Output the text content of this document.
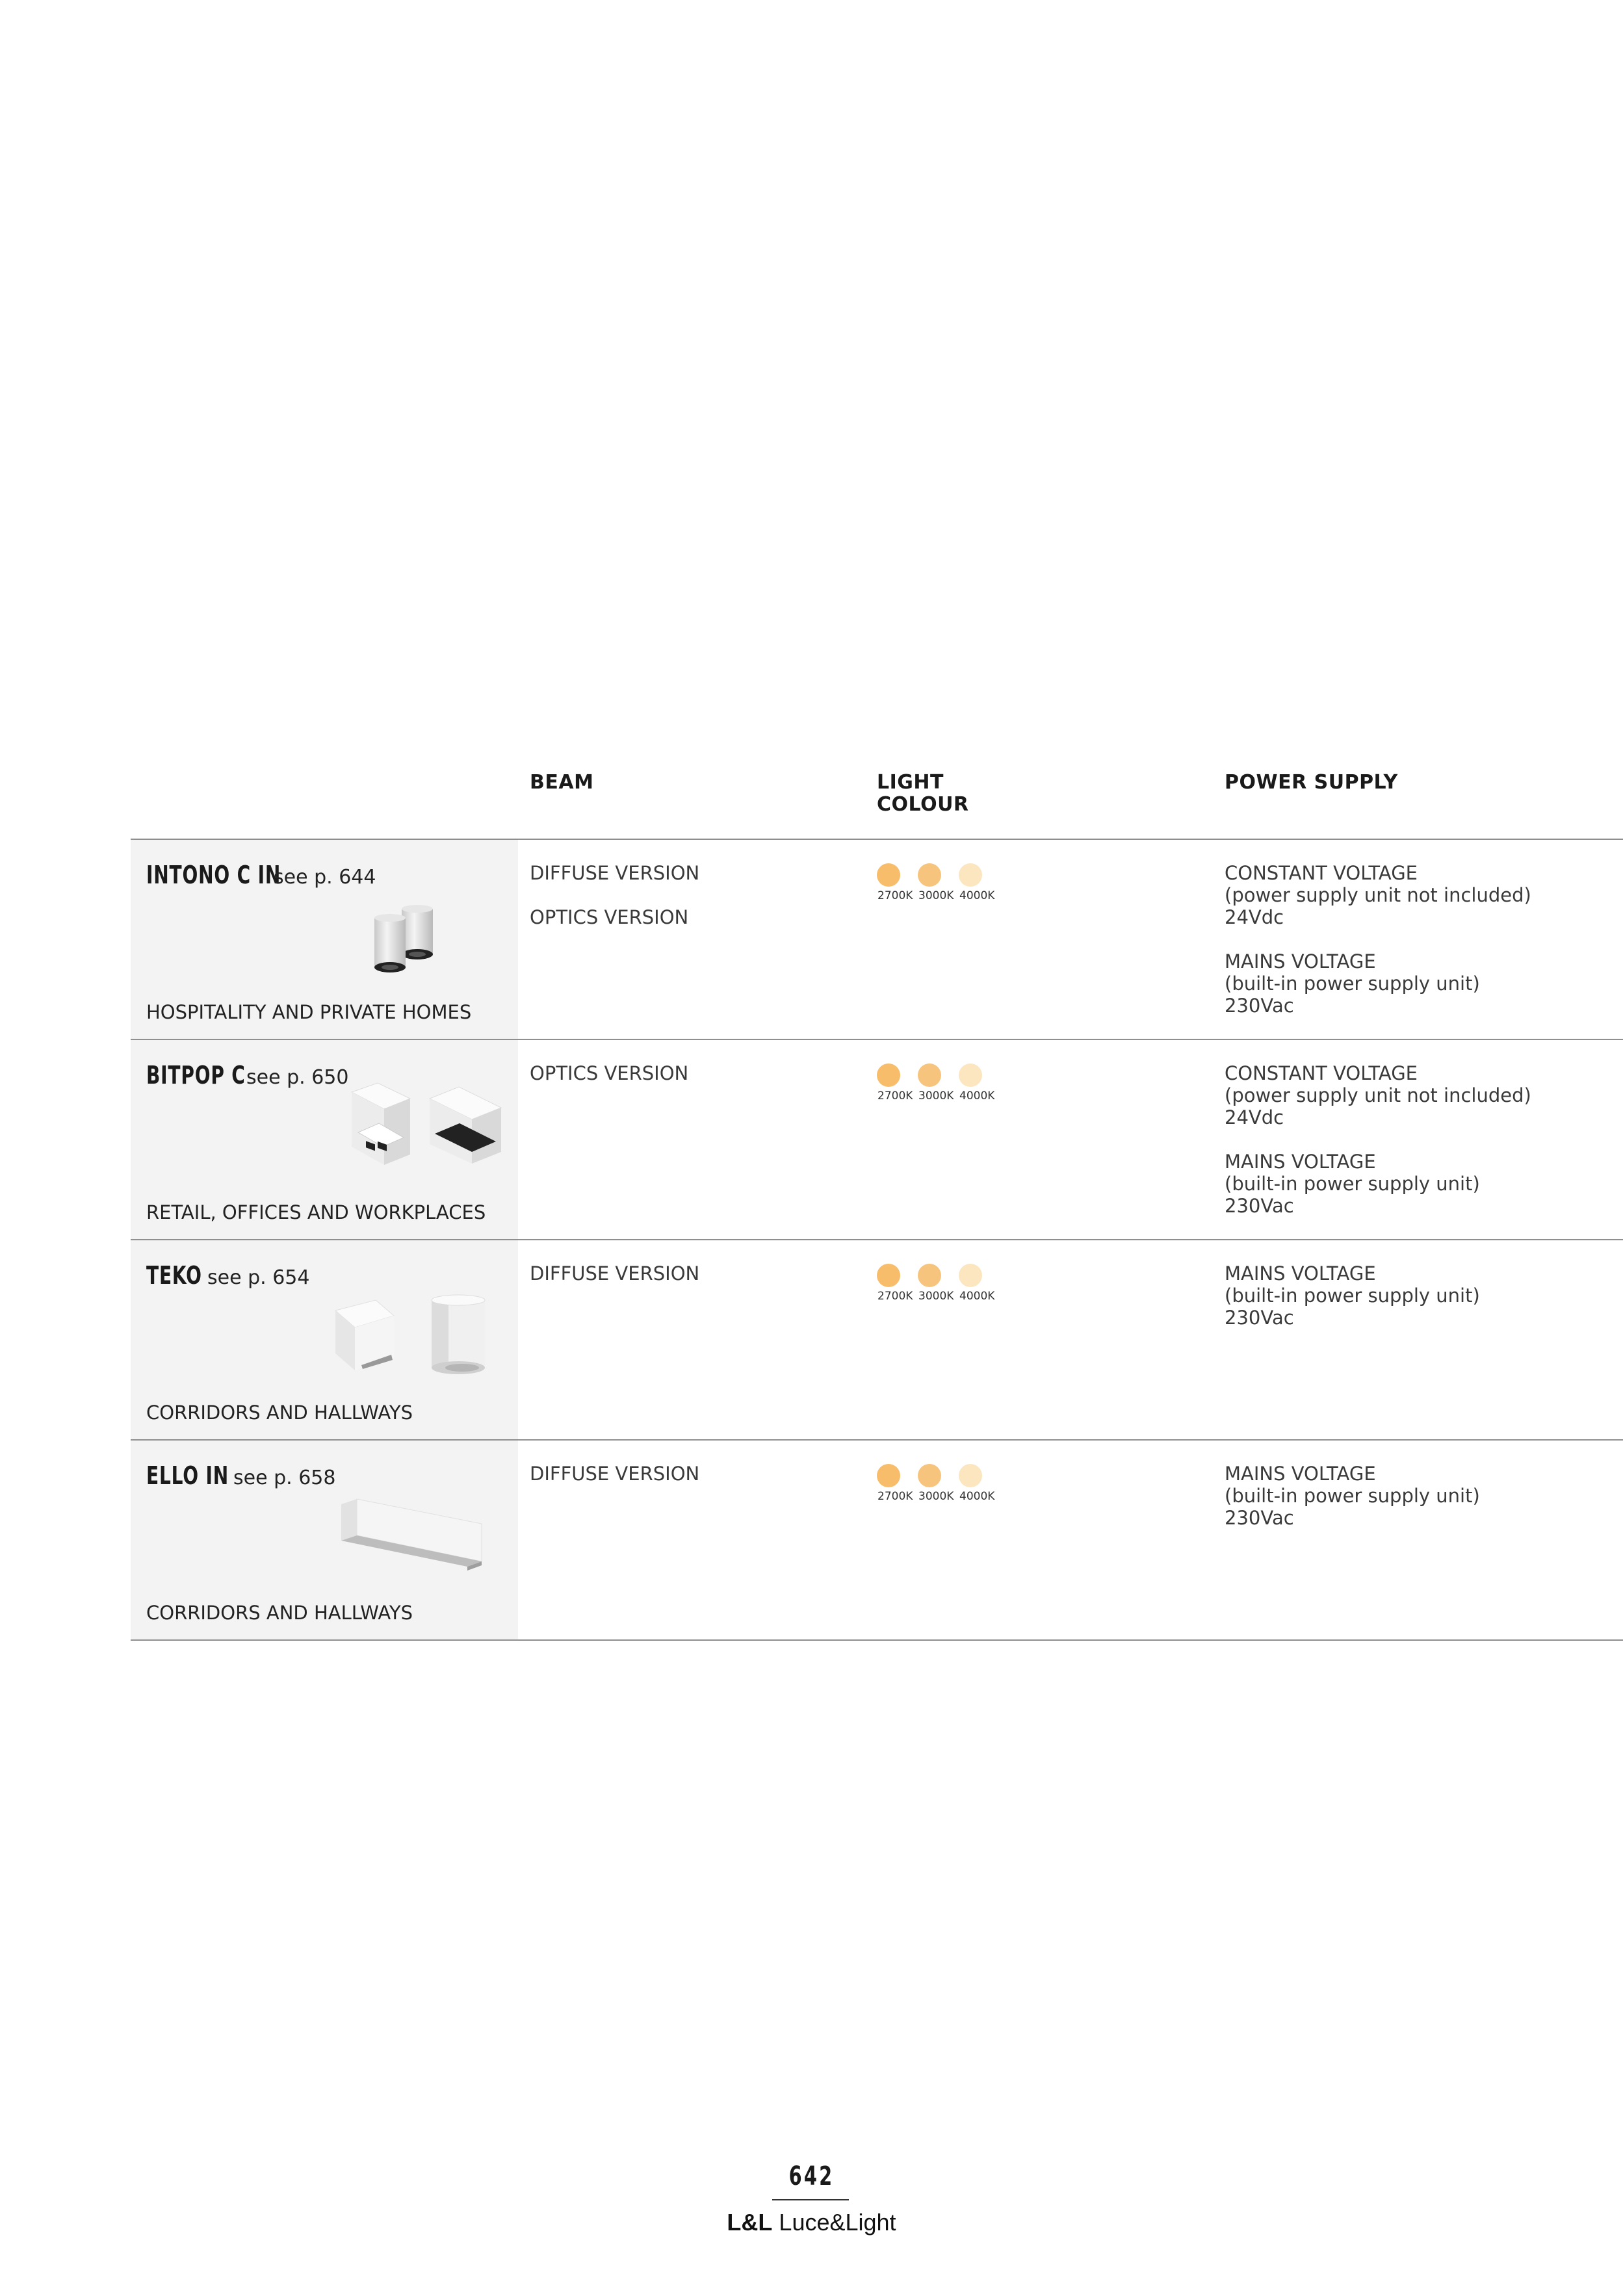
BEAM	LIGHT
COLOUR
POWER SUPPLY
INTONO C IN
see p. 644
HOSPITALITY AND PRIVATE HOMES
DIFFUSE VERSION
OPTICS VERSION
2700K 3000K 4000K
CONSTANT VOLTAGE
(power supply unit not included)
24Vdc
MAINS VOLTAGE
(built-in power supply unit)
230Vac
BITPOP C see p. 650
RETAIL, OFFICES AND WORKPLACES
OPTICS VERSION
2700K 3000K 4000K
CONSTANT VOLTAGE
(power supply unit not included)
24Vdc
MAINS VOLTAGE
(built-in power supply unit)
230Vac
TEKO see p. 654
CORRIDORS AND HALLWAYS
DIFFUSE VERSION
2700K 3000K 4000K
MAINS VOLTAGE
(built-in power supply unit)
230Vac
ELLO IN see p. 658
CORRIDORS AND HALLWAYS
DIFFUSE VERSION
2700K 3000K 4000K
MAINS VOLTAGE
(built-in power supply unit)
230Vac
642
L&L Luce&Light
